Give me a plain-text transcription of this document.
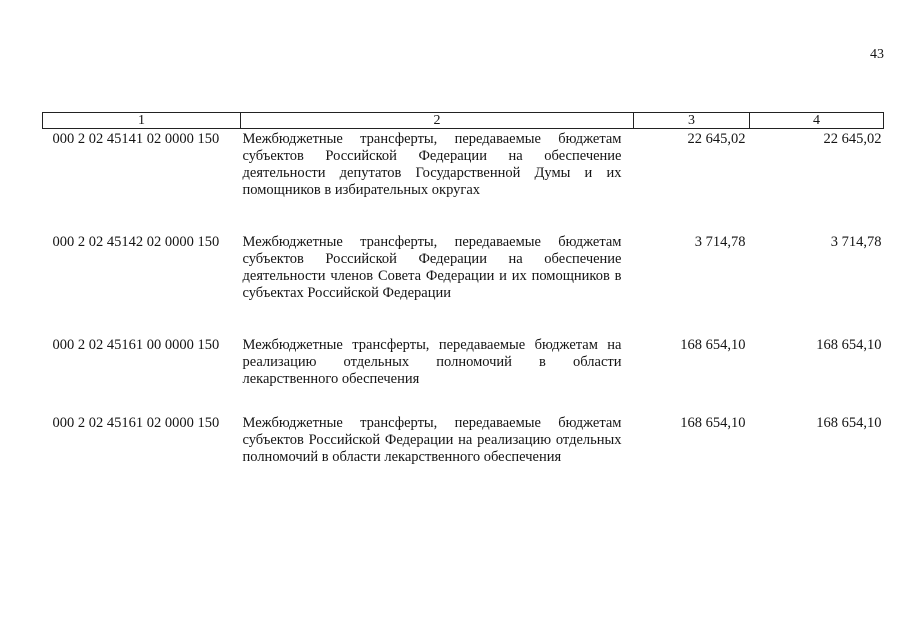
43
1	2	3	4
000 2 02 45141 02 0000 150	Межбюджетные трансферты, передаваемые бюджетам субъектов Российской Федерации на обеспечение деятельности депутатов Государственной Думы и их помощников в избирательных округах	22 645,02	22 645,02
000 2 02 45142 02 0000 150	Межбюджетные трансферты, передаваемые бюджетам субъектов Российской Федерации на обеспечение деятельности членов Совета Федерации и их помощников в субъектах Российской Федерации	3 714,78	3 714,78
000 2 02 45161 00 0000 150	Межбюджетные трансферты, передаваемые бюджетам на реализацию отдельных полномочий в области лекарственного обеспечения	168 654,10	168 654,10
000 2 02 45161 02 0000 150	Межбюджетные трансферты, передаваемые бюджетам субъектов Российской Федерации на реализацию отдельных полномочий в области лекарственного обеспечения	168 654,10	168 654,10
